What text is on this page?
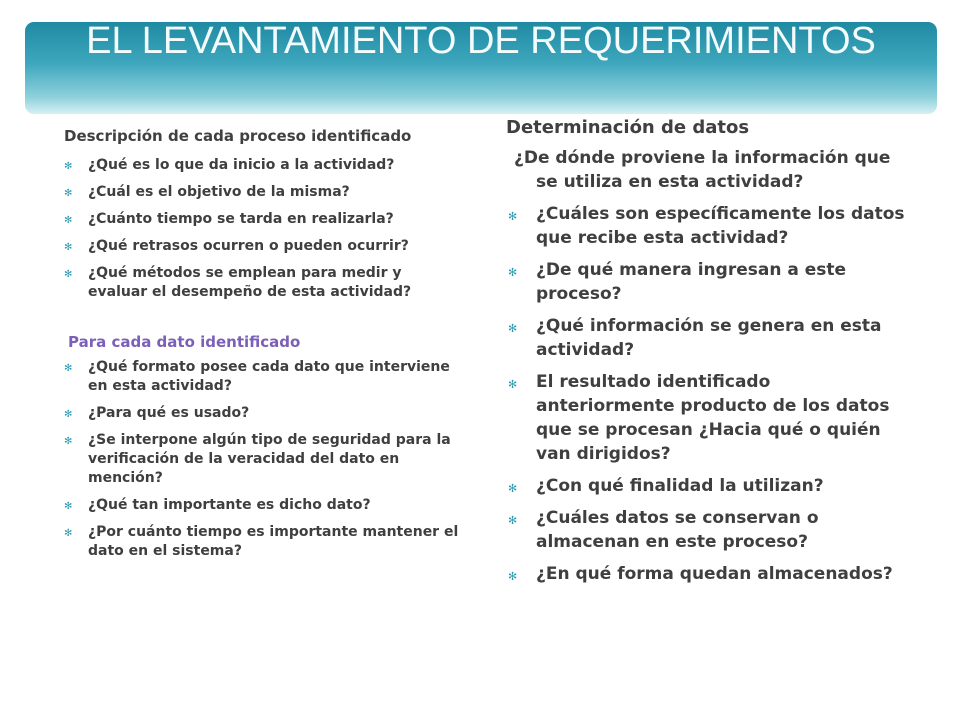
EL LEVANTAMIENTO DE REQUERIMIENTOS
Descripción de cada proceso identificado
✻ ¿Qué es lo que da inicio a la actividad?
✻ ¿Cuál es el objetivo de la misma?
✻ ¿Cuánto tiempo se tarda en realizarla?
✻ ¿Qué retrasos ocurren o pueden ocurrir?
✻ ¿Qué métodos se emplean para medir y evaluar el desempeño de esta actividad?
Para cada dato identificado
✻ ¿Qué formato posee cada dato que interviene en esta actividad?
✻ ¿Para qué es usado?
✻ ¿Se interpone algún tipo de seguridad para la verificación de la veracidad del dato en mención?
✻ ¿Qué tan importante es dicho dato?
✻ ¿Por cuánto tiempo es importante mantener el dato en el sistema?
Determinación de datos
¿De dónde proviene la información que se utiliza en esta actividad?
✻ ¿Cuáles son específicamente los datos que recibe esta actividad?
✻ ¿De qué manera ingresan a este proceso?
✻ ¿Qué información se genera en esta actividad?
✻ El resultado identificado anteriormente producto de los datos que se procesan ¿Hacia qué o quién van dirigidos?
✻ ¿Con qué finalidad la utilizan?
✻ ¿Cuáles datos se conservan o almacenan en este proceso?
✻ ¿En qué forma quedan almacenados?
